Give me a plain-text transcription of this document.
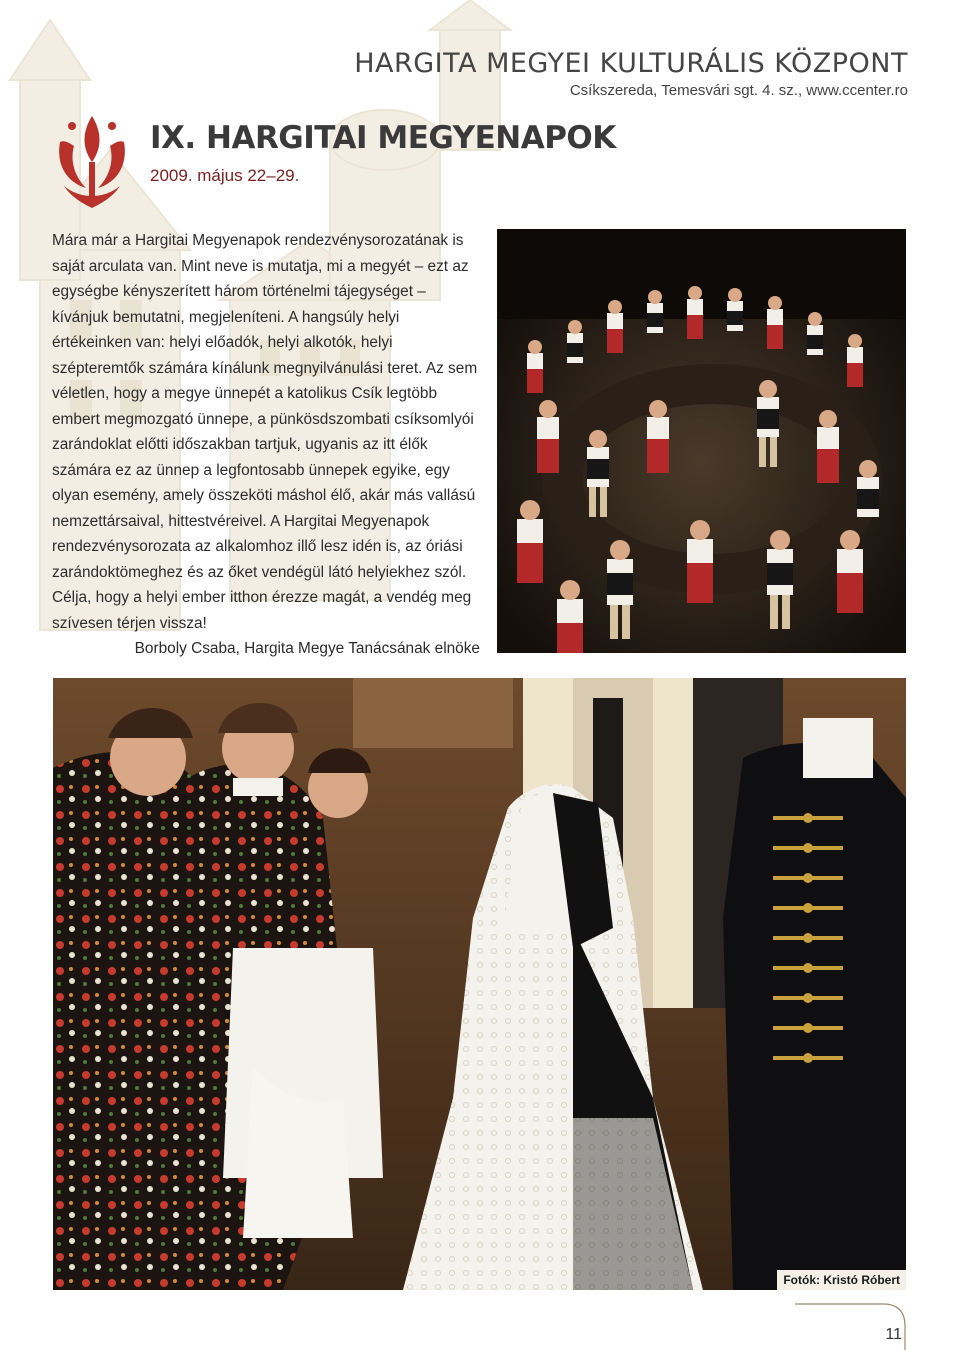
HARGITA MEGYEI KULTURÁLIS KÖZPONT
Csíkszereda, Temesvári sgt. 4. sz., www.ccenter.ro
IX. HARGITAI MEGYENAPOK
2009. május 22–29.

Mára már a Hargitai Megyenapok rendezvénysorozatának is saját arculata van. Mint neve is mutatja, mi a megyét – ezt az egységbe kényszerített három történelmi tájegységet – kívánjuk bemutatni, megjeleníteni. A hangsúly helyi értékeinken van: helyi előadók, helyi alkotók, helyi szépteremtők számára kínálunk megnyilvánulási teret. Az sem véletlen, hogy a megye ünnepét a katolikus Csík legtöbb embert megmozgató ünnepe, a pünkösdszombati csíksomlyói zarándoklat előtti időszakban tartjuk, ugyanis az itt élők számára ez az ünnep a legfontosabb ünnepek egyike, egy olyan esemény, amely összeköti máshol élő, akár más vallású nemzettársaival, hittestvéreivel. A Hargitai Megyenapok rendezvénysorozata az alkalomhoz illő lesz idén is, az óriási zarándoktömeghez és az őket vendégül látó helyiekhez szól. Célja, hogy a helyi ember itthon érezze magát, a vendég meg szívesen térjen vissza!

Borboly Csaba, Hargita Megye Tanácsának elnöke

Fotók: Kristó Róbert
11
